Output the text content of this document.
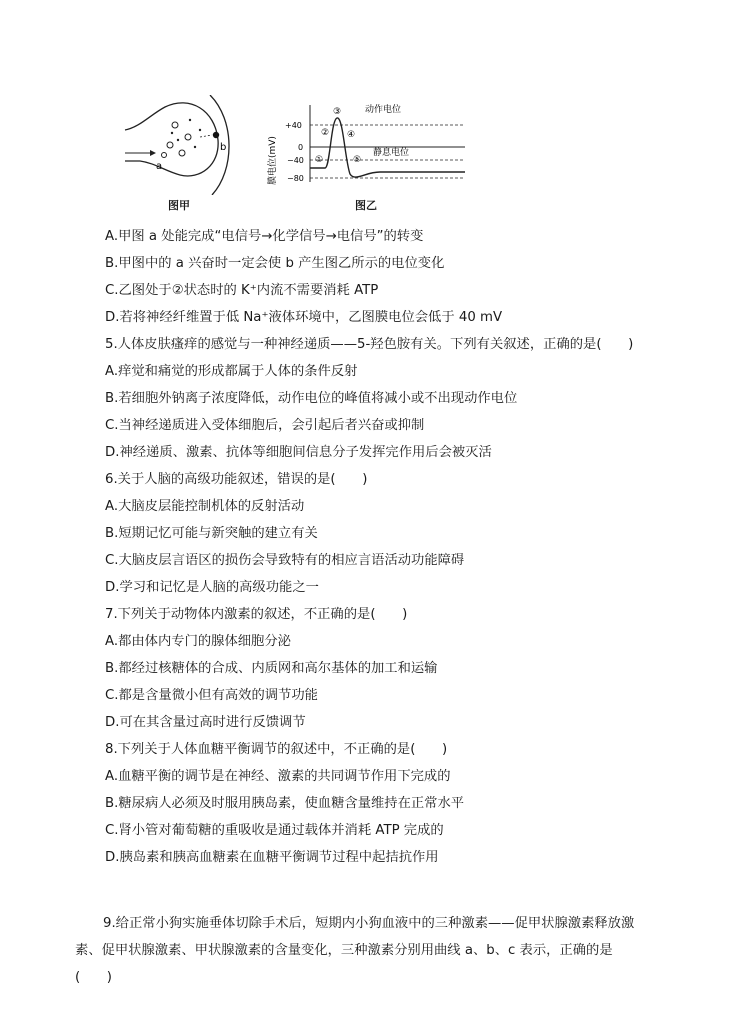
a
b	膜电位(mV)
+40
0
−40
−80
①
②
③
④
⑤
动作电位
静息电位
图甲	图乙
A.甲图 a 处能完成“电信号→化学信号→电信号”的转变
B.甲图中的 a 兴奋时一定会使 b 产生图乙所示的电位变化
C.乙图处于②状态时的 K⁺内流不需要消耗 ATP
D.若将神经纤维置于低 Na⁺液体环境中，乙图膜电位会低于 40 mV
5.人体皮肤瘙痒的感觉与一种神经递质——5-羟色胺有关。下列有关叙述，正确的是(　　)
A.痒觉和痛觉的形成都属于人体的条件反射
B.若细胞外钠离子浓度降低，动作电位的峰值将减小或不出现动作电位
C.当神经递质进入受体细胞后，会引起后者兴奋或抑制
D.神经递质、激素、抗体等细胞间信息分子发挥完作用后会被灭活
6.关于人脑的高级功能叙述，错误的是(　　)
A.大脑皮层能控制机体的反射活动
B.短期记忆可能与新突触的建立有关
C.大脑皮层言语区的损伤会导致特有的相应言语活动功能障碍
D.学习和记忆是人脑的高级功能之一
7.下列关于动物体内激素的叙述，不正确的是(　　)
A.都由体内专门的腺体细胞分泌
B.都经过核糖体的合成、内质网和高尔基体的加工和运输
C.都是含量微小但有高效的调节功能
D.可在其含量过高时进行反馈调节
8.下列关于人体血糖平衡调节的叙述中，不正确的是(　　)
A.血糖平衡的调节是在神经、激素的共同调节作用下完成的
B.糖尿病人必须及时服用胰岛素，使血糖含量维持在正常水平
C.肾小管对葡萄糖的重吸收是通过载体并消耗 ATP 完成的
D.胰岛素和胰高血糖素在血糖平衡调节过程中起拮抗作用
9.给正常小狗实施垂体切除手术后，短期内小狗血液中的三种激素——促甲状腺激素释放激
素、促甲状腺激素、甲状腺激素的含量变化，三种激素分别用曲线 a、b、c 表示，正确的是
(　　)
